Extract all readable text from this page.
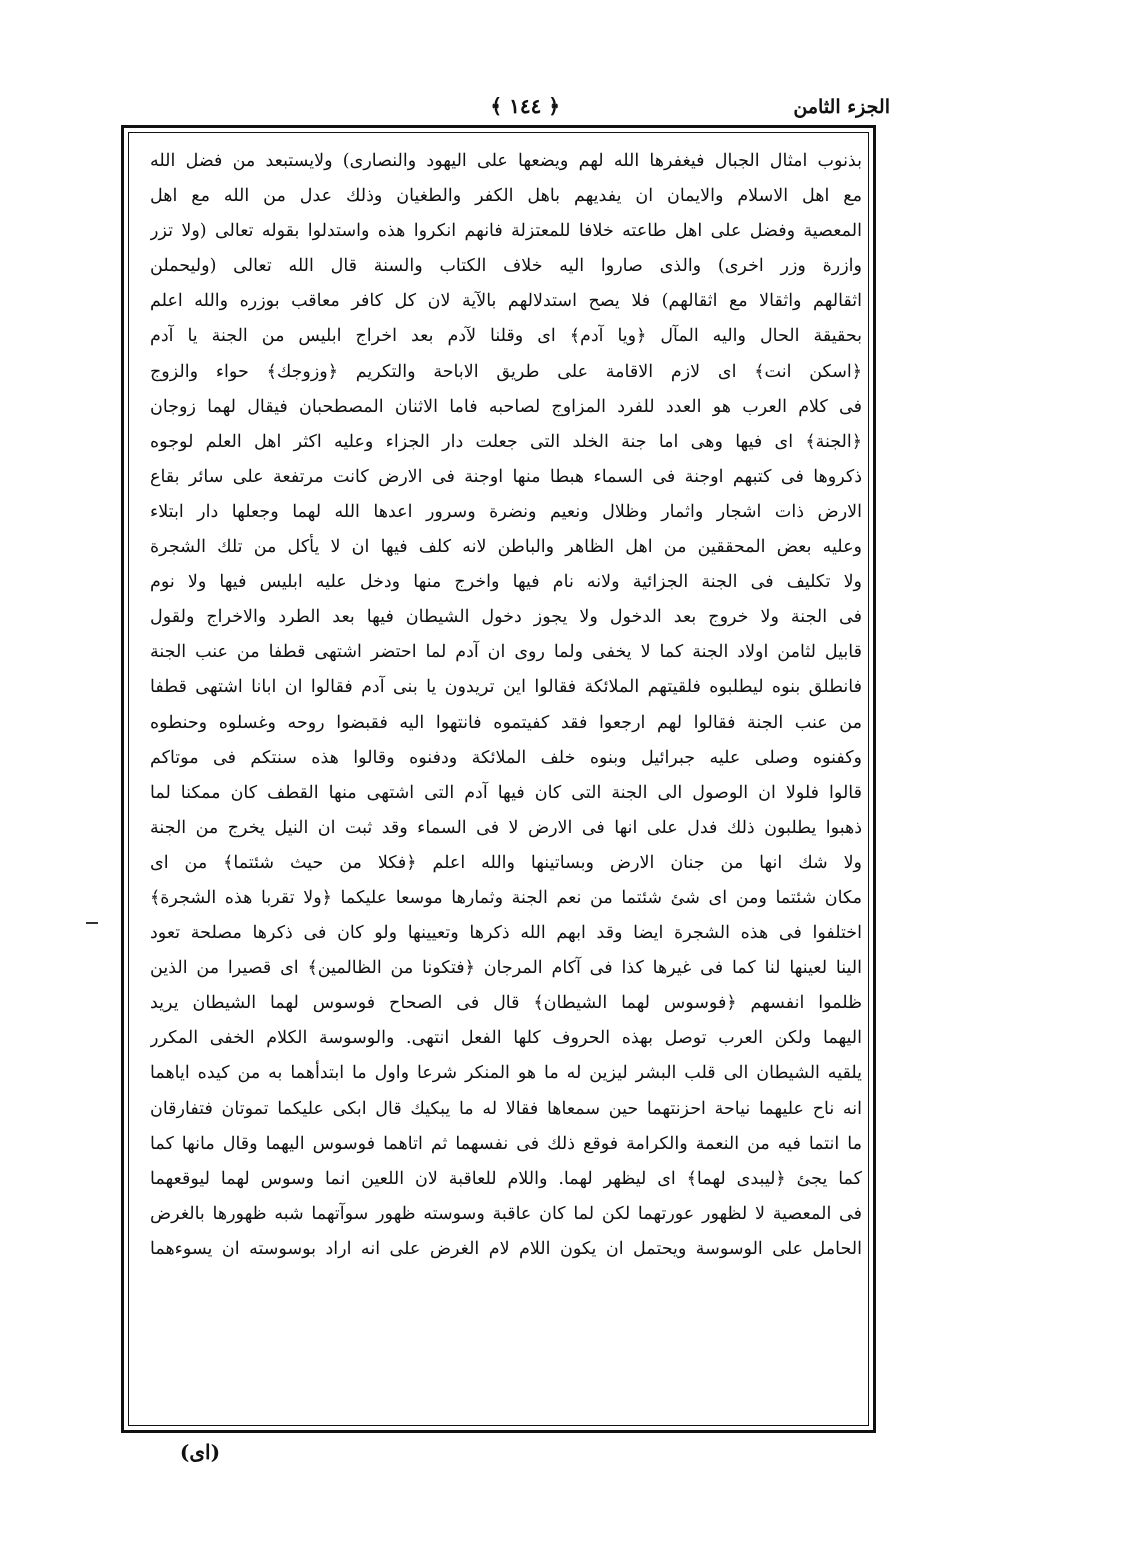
الجزء الثامن
﴿ ١٤٤ ﴾
بذنوب امثال الجبال فيغفرها الله لهم ويضعها على اليهود والنصارى) ولايستبعد من فضل الله
مع اهل الاسلام والايمان ان يفديهم باهل الكفر والطغيان وذلك عدل من الله مع اهل
المعصية وفضل على اهل طاعته خلافا للمعتزلة فانهم انكروا هذه واستدلوا بقوله تعالى (ولا تزر
وازرة وزر اخرى) والذى صاروا اليه خلاف الكتاب والسنة قال الله تعالى (وليحملن
اثقالهم واثقالا مع اثقالهم) فلا يصح استدلالهم بالآية لان كل كافر معاقب بوزره والله اعلم
بحقيقة الحال واليه المآل ﴿ويا آدم﴾ اى وقلنا لآدم بعد اخراج ابليس من الجنة يا آدم
﴿اسكن انت﴾ اى لازم الاقامة على طريق الاباحة والتكريم ﴿وزوجك﴾ حواء والزوج
فى كلام العرب هو العدد للفرد المزاوج لصاحبه فاما الاثنان المصطحبان فيقال لهما زوجان
﴿الجنة﴾ اى فيها وهى اما جنة الخلد التى جعلت دار الجزاء وعليه اكثر اهل العلم لوجوه
ذكروها فى كتبهم اوجنة فى السماء هبطا منها اوجنة فى الارض كانت مرتفعة على سائر بقاع
الارض ذات اشجار واثمار وظلال ونعيم ونضرة وسرور اعدها الله لهما وجعلها دار ابتلاء
وعليه بعض المحققين من اهل الظاهر والباطن لانه كلف فيها ان لا يأكل من تلك الشجرة
ولا تكليف فى الجنة الجزائية ولانه نام فيها واخرج منها ودخل عليه ابليس فيها ولا نوم
فى الجنة ولا خروج بعد الدخول ولا يجوز دخول الشيطان فيها بعد الطرد والاخراج ولقول
قابيل لثامن اولاد الجنة كما لا يخفى ولما روى ان آدم لما احتضر اشتهى قطفا من عنب الجنة
فانطلق بنوه ليطلبوه فلقيتهم الملائكة فقالوا اين تريدون يا بنى آدم فقالوا ان ابانا اشتهى قطفا
من عنب الجنة فقالوا لهم ارجعوا فقد كفيتموه فانتهوا اليه فقبضوا روحه وغسلوه وحنطوه
وكفنوه وصلى عليه جبرائيل وبنوه خلف الملائكة ودفنوه وقالوا هذه سنتكم فى موتاكم
قالوا فلولا ان الوصول الى الجنة التى كان فيها آدم التى اشتهى منها القطف كان ممكنا لما
ذهبوا يطلبون ذلك فدل على انها فى الارض لا فى السماء وقد ثبت ان النيل يخرج من الجنة
ولا شك انها من جنان الارض وبساتينها والله اعلم ﴿فكلا من حيث شئتما﴾ من اى
مكان شئتما ومن اى شئ شئتما من نعم الجنة وثمارها موسعا عليكما ﴿ولا تقربا هذه الشجرة﴾
اختلفوا فى هذه الشجرة ايضا وقد ابهم الله ذكرها وتعيينها ولو كان فى ذكرها مصلحة تعود
الينا لعينها لنا كما فى غيرها كذا فى آكام المرجان ﴿فتكونا من الظالمين﴾ اى قصيرا من الذين
ظلموا انفسهم ﴿فوسوس لهما الشيطان﴾ قال فى الصحاح فوسوس لهما الشيطان يريد
اليهما ولكن العرب توصل بهذه الحروف كلها الفعل انتهى. والوسوسة الكلام الخفى المكرر
يلقيه الشيطان الى قلب البشر ليزين له ما هو المنكر شرعا واول ما ابتدأهما به من كيده اياهما
انه ناح عليهما نياحة احزنتهما حين سمعاها فقالا له ما يبكيك قال ابكى عليكما تموتان فتفارقان
ما انتما فيه من النعمة والكرامة فوقع ذلك فى نفسهما ثم اتاهما فوسوس اليهما وقال مانها كما
كما يجئ ﴿ليبدى لهما﴾ اى ليظهر لهما. واللام للعاقبة لان اللعين انما وسوس لهما ليوقعهما
فى المعصية لا لظهور عورتهما لكن لما كان عاقبة وسوسته ظهور سوآتهما شبه ظهورها بالغرض
الحامل على الوسوسة ويحتمل ان يكون اللام لام الغرض على انه اراد بوسوسته ان يسوءهما
(اى)
